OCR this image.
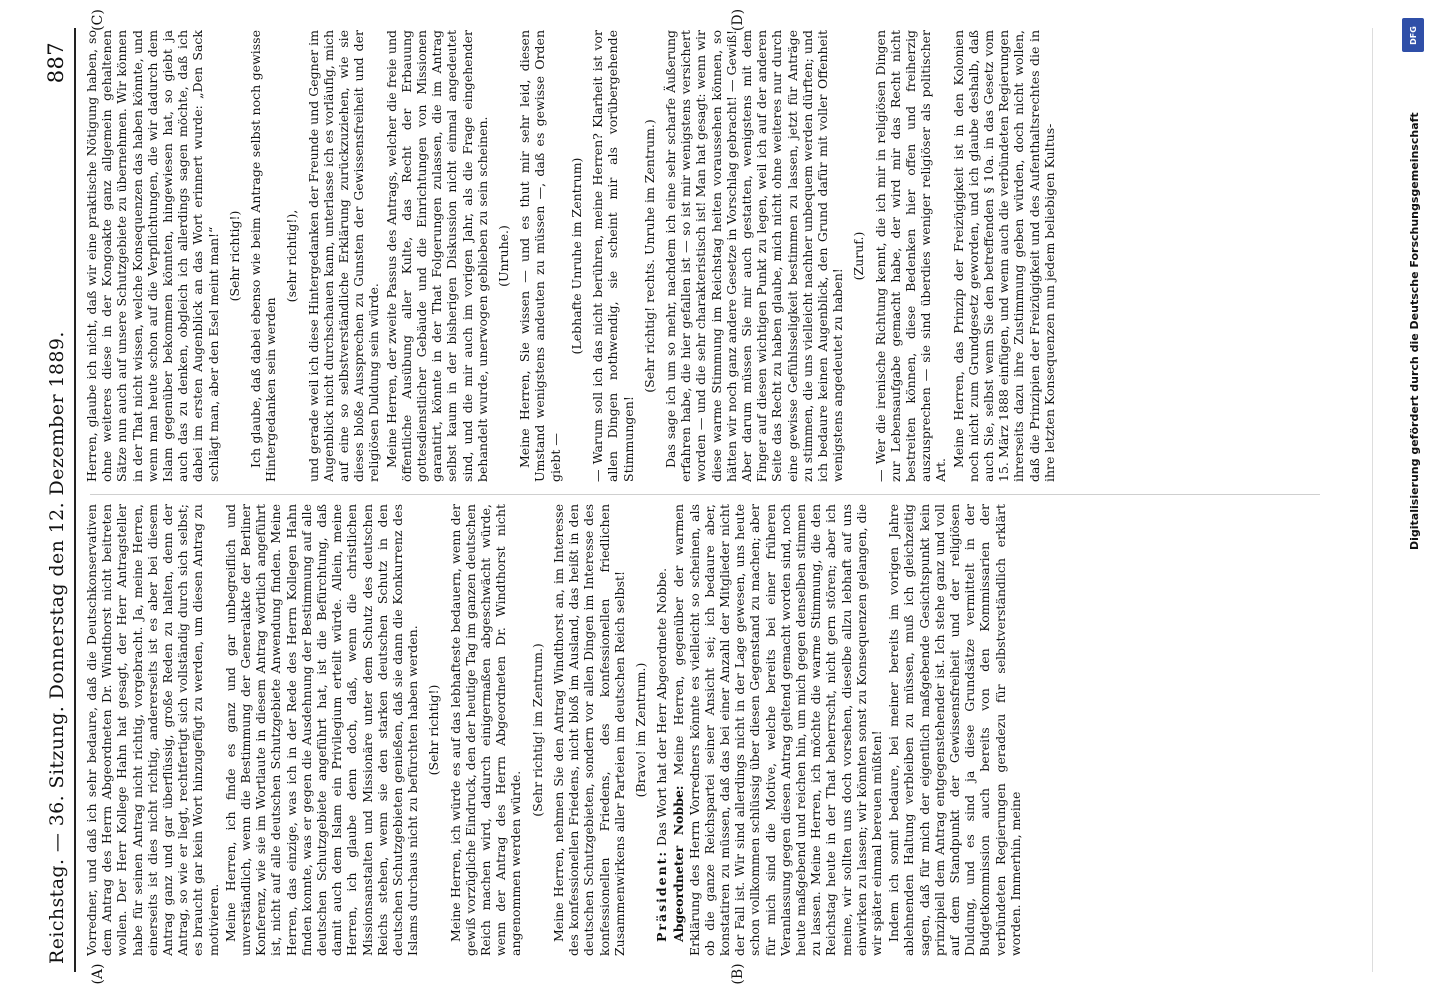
Reichstag. — 36. Sitzung. Donnerstag den 12. Dezember 1889.
887
(A)	(B)
(C)	(D)

Vorredner, und daß ich sehr bedaure, daß die Deutschkonservativen dem Antrag des Herrn Abgeordneten Dr. Windthorst nicht beitreten wollen. Der Herr Kollege Hahn hat gesagt, der Herr Antragsteller habe für seinen Antrag nicht richtig, vorgebracht. Ja, meine Herren, einerseits ist dies nicht richtig, andererseits ist es aber bei diesem Antrag ganz und gar überflüssig, große Reden zu halten, denn der Antrag, so wie er liegt, rechtfertigt sich vollständig durch sich selbst; es braucht gar kein Wort hinzugefügt zu werden, um diesen Antrag zu motivieren. Meine Herren, ich finde es ganz und gar unbegreiflich und unverständlich, wenn die Bestimmung der Generalakte der Berliner Konferenz, wie sie im Wortlaute in diesem Antrag wörtlich angeführt ist, nicht auf alle deutschen Schutzgebiete Anwendung finden. Meine Herren, das einzige, was ich in der Rede des Herrn Kollegen Hahn finden konnte, was er gegen die Ausdehnung der Bestimmung auf alle deutschen Schutzgebiete angeführt hat, ist die Befürchtung, daß damit auch dem Islam ein Privilegium erteilt würde. Allein, meine Herren, ich glaube denn doch, daß, wenn die christlichen Missionsanstalten und Missionäre unter dem Schutz des deutschen Reichs stehen, wenn sie den starken deutschen Schutz in den deutschen Schutzgebieten genießen, daß sie dann die Konkurrenz des Islams durchaus nicht zu befürchten haben werden. (Sehr richtig!) Meine Herren, ich würde es auf das lebhafteste bedauern, wenn der gewiß vorzügliche Eindruck, den der heutige Tag im ganzen deutschen Reich machen wird, dadurch einigermaßen abgeschwächt würde, wenn der Antrag des Herrn Abgeordneten Dr. Windthorst nicht angenommen werden würde.

(Sehr richtig! im Zentrum.) Meine Herren, nehmen Sie den Antrag Windthorst an, im Interesse des konfessionellen Friedens, nicht bloß im Ausland, das heißt in den deutschen Schutzgebieten, sondern vor allen Dingen im Interesse des konfessionellen Friedens, des konfessionellen friedlichen Zusammenwirkens aller Parteien im deutschen Reich selbst! (Bravo! im Zentrum.)

Präsident: Das Wort hat der Herr Abgeordnete Nobbe.

Abgeordneter Nobbe: Meine Herren, gegenüber der warmen Erklärung des Herrn Vorredners könnte es vielleicht so scheinen, als ob die ganze Reichspartei seiner Ansicht sei; ich bedaure aber, konstatiren zu müssen, daß das bei einer Anzahl der Mitglieder nicht der Fall ist. Wir sind allerdings nicht in der Lage gewesen, uns heute schon vollkommen schlüssig über diesen Gegenstand zu machen; aber für mich sind die Motive, welche bereits bei einer früheren Veranlassung gegen diesen Antrag geltend gemacht worden sind, noch heute maßgebend und reichen hin, um mich gegen denselben stimmen zu lassen. Meine Herren, ich möchte die warme Stimmung, die den Reichstag heute in der That beherrscht, nicht gern stören; aber ich meine, wir sollten uns doch vorsehen, dieselbe allzu lebhaft auf uns einwirken zu lassen; wir könnten sonst zu Konsequenzen gelangen, die wir später einmal bereuen müßten! Indem ich somit bedaure, bei meiner bereits im vorigen Jahre ablehnenden Haltung verbleiben zu müssen, muß ich gleichzeitig sagen, daß für mich der eigentlich maßgebende Gesichtspunkt kein prinzipiell dem Antrag entgegenstehender ist. Ich stehe ganz und voll auf dem Standpunkt der Gewissensfreiheit und der religiösen Duldung, und es sind ja diese Grundsätze vermittelt in der Budgetkommission auch bereits von den Kommissarien der verbündeten Regierungen geradezu für selbstverständlich erklärt worden. Immerhin, meine

Herren, glaube ich nicht, daß wir eine praktische Nötigung haben, so ohne weiteres diese in der Kongoakte ganz allgemein gehaltenen Sätze nun auch auf unsere Schutzgebiete zu übernehmen. Wir können in der That nicht wissen, welche Konsequenzen das haben könnte, und wenn man heute schon auf die Verpflichtungen, die wir dadurch dem Islam gegenüber bekommen könnten, hingewiesen hat, so giebt ja auch das zu denken, obgleich ich allerdings sagen möchte, daß ich dabei im ersten Augenblick an das Wort erinnert wurde: „Den Sack schlägt man, aber den Esel meint man!“ (Sehr richtig!) Ich glaube, daß dabei ebenso wie beim Antrage selbst noch gewisse Hintergedanken sein werden

(sehr richtig!), und gerade weil ich diese Hintergedanken der Freunde und Gegner im Augenblick nicht durchschauen kann, unterlasse ich es vorläufig, mich auf eine so selbstverständliche Erklärung zurückzuziehen, wie sie dieses bloße Aussprechen zu Gunsten der Gewissensfreiheit und der religiösen Duldung sein würde. Meine Herren, der zweite Passus des Antrags, welcher die freie und öffentliche Ausübung aller Kulte, das Recht der Erbauung gottesdienstlicher Gebäude und die Einrichtungen von Missionen garantirt, könnte in der That Folgerungen zulassen, die im Antrag selbst kaum in der bisherigen Diskussion nicht einmal angedeutet sind, und die mir auch im vorigen Jahr, als die Frage eingehender behandelt wurde, unerwogen geblieben zu sein scheinen. (Unruhe.) Meine Herren, Sie wissen — und es thut mir sehr leid, diesen Umstand wenigstens andeuten zu müssen —, daß es gewisse Orden giebt —

(Lebhafte Unruhe im Zentrum) — Warum soll ich das nicht berühren, meine Herren? Klarheit ist vor allen Dingen nothwendig, sie scheint mir als vorübergehende Stimmungen!

(Sehr richtig! rechts. Unruhe im Zentrum.) Das sage ich um so mehr, nachdem ich eine sehr scharfe Äußerung erfahren habe, die hier gefallen ist — so ist mir wenigstens versichert worden — und die sehr charakteristisch ist! Man hat gesagt: wenn wir diese warme Stimmung im Reichstag heiten voraussehen können, so hätten wir noch ganz andere Gesetze in Vorschlag gebracht! — Gewiß! Aber darum müssen Sie mir auch gestatten, wenigstens mit dem Finger auf diesen wichtigen Punkt zu legen, weil ich auf der anderen Seite das Recht zu haben glaube, mich nicht ohne weiteres nur durch eine gewisse Gefühlsseligkeit bestimmen zu lassen, jetzt für Anträge zu stimmen, die uns vielleicht nachher unbequem werden dürften; und ich bedaure keinen Augenblick, den Grund dafür mit voller Offenheit wenigstens angedeutet zu haben!

(Zuruf.) — Wer die irenische Richtung kennt, die ich mir in religiösen Dingen zur Lebensaufgabe gemacht habe, der wird mir das Recht nicht bestreiten können, diese Bedenken hier offen und freiherzig auszusprechen — sie sind überdies weniger religiöser als politischer Art.

Meine Herren, das Prinzip der Freizügigkeit ist in den Kolonien noch nicht zum Grundgesetz geworden, und ich glaube deshalb, daß auch Sie, selbst wenn Sie den betreffenden § 10a. in das Gesetz vom 15. März 1888 einfügen, und wenn auch die verbündeten Regierungen ihrerseits dazu ihre Zustimmung geben würden, doch nicht wollen, daß die Prinzipien der Freizügigkeit und des Aufenthaltsrechtes die in ihre letzten Konsequenzen nun jedem beliebigen Kultus-

DFG
Digitalisierung gefördert durch die Deutsche Forschungsgemeinschaft
